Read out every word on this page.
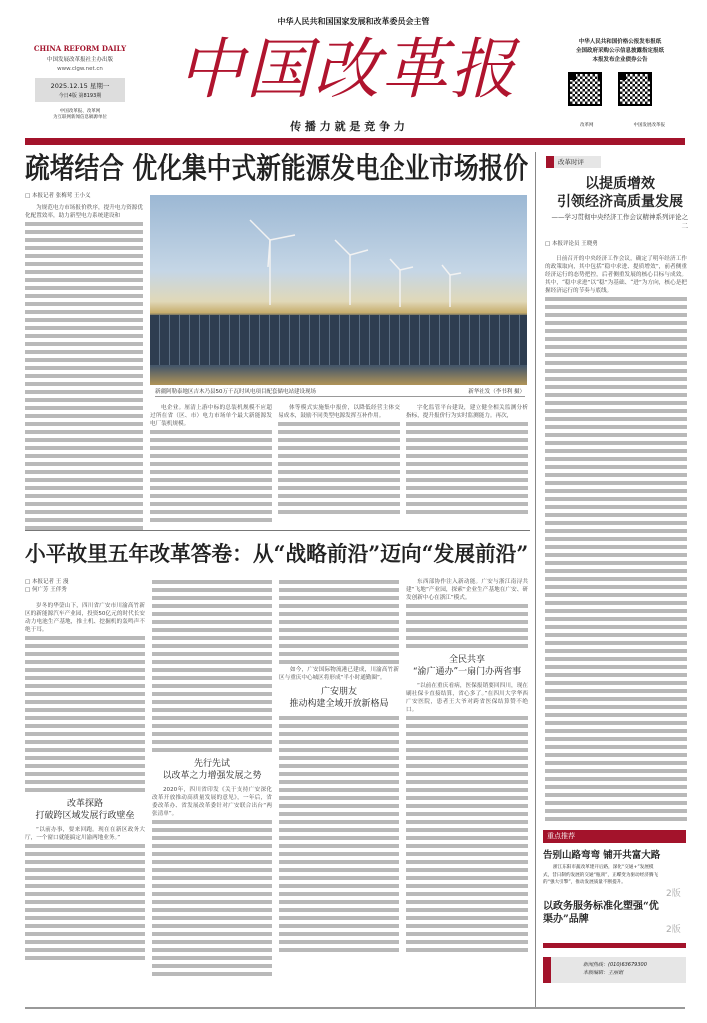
中华人民共和国国家发展和改革委员会主管
CHINA REFORM DAILY
中国发展改革报社主办出版
www.clgw.net.cn
2025.12.15 星期一
今日4版 第8193期
中国改革报、改革网
为互联网新闻信息稿源单位
中国改革报
传 播 力 就 是 竞 争 力
中华人民共和国价格公报发布报纸
全国政府采购公示信息披露指定报纸
本报发布企业债券公告
改革网	中国发展改革报
疏堵结合 优化集中式新能源发电企业市场报价
□ 本报记者 张梅莺 王小义
为规范电力市场报价秩序，提升电力资源优化配置效率，助力新型电力系统建设和
新疆阿勒泰地区吉木乃县50万千瓦时风电项目配套储电站建设现场	新华社发（李书利 摄）
电企业。厘清上游中标的总装机规模不应超过所在省（区、市）电力市场单个最大新能源发电厂装机规模。
体等模式实施集中报价，以降低经营主体交易成本，鼓励不同类型电源发挥互补作用。
字化监管平台建设，建立健全相关监测分析指标，提升报价行为实时监测能力。再次，
小平故里五年改革答卷：从“战略前沿”迈向“发展前沿”
□ 本报记者 王 漫
□ 何广芳 王伴秀
岁冬的华蓥山下，四川省广安市川渝高竹新区的新能源汽车产业园，投资50亿元的时代长安动力电池生产基地，推土机、挖掘机的轰鸣声不绝于耳。
改革探路
打破跨区域发展行政壁垒
“以前办事，要来回跑。现在在新区政务大厅，一个窗口就能搞定川渝两地业务。”
先行先试
以改革之力增强发展之势
2020年，四川省印发《关于支持广安深化改革开放推动高质量发展的意见》，一年后，省委改革办、省发展改革委针对广安联合出台“两张清单”。
如今，广安国际物流港已建成，川渝高竹新区与重庆中心城区将形成“半小时通勤圈”。
广安朋友
推动构建全域开放新格局
东西部协作注入新动能。广安与浙江南浔共建“飞地”产业园，探索“企业生产基地在广安、研发创新中心在浙江”模式。
全民共享
“渝广通办”一扇门办两省事
“以前在重庆看病，医保报销要回四川，现在刷社保卡直接结算，省心多了。”在四川大学华西广安医院，患者王大爷对跨省医保结算赞不绝口。
改革时评
以提质增效
引领经济高质量发展
——学习贯彻中央经济工作会议精神系列评论之二
□ 本报评论员 王晓勇
日前召开的中央经济工作会议，确定了明年经济工作的政策取向，其中包括“稳中求进、提质增效”，前者侧重经济运行的态势把控，后者侧重发展的核心目标与成效。其中，“稳中求进”以“稳”为基础、“进”为方向，核心是把握经济运行的节奏与底线。
重点推荐
告别山路弯弯 铺开共富大路
浙江东阳市蔬改革建开后路，深化“交通+”发展模式，昔日制约发展的交通“瓶颈”，正蝶变为驱动经济腾飞的“强大引擎”，推动发展质量不断提升。
2版
以政务服务标准化塑强“优渠办”品牌
2版
新闻热线：(010)63679300
本版编辑：王丽娟
